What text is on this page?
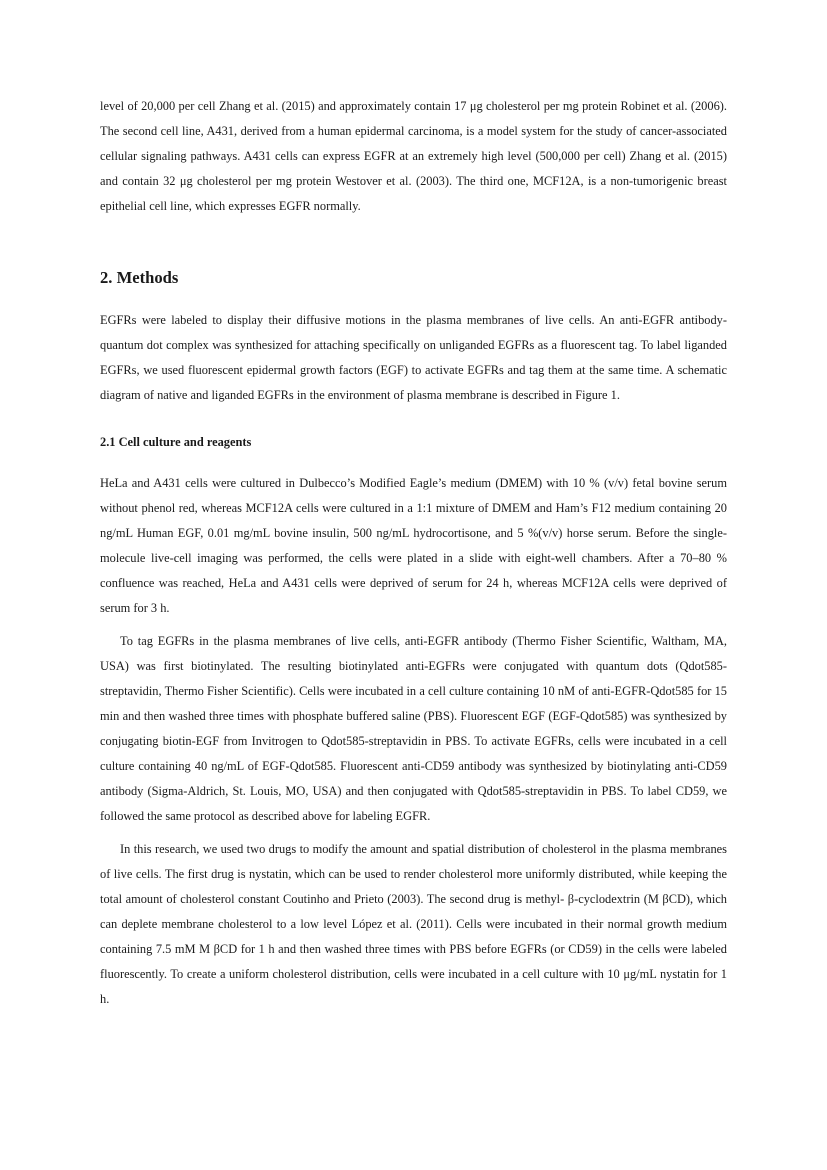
level of 20,000 per cell Zhang et al. (2015) and approximately contain 17 μg cholesterol per mg protein Robinet et al. (2006). The second cell line, A431, derived from a human epidermal carcinoma, is a model system for the study of cancer-associated cellular signaling pathways. A431 cells can express EGFR at an extremely high level (500,000 per cell) Zhang et al. (2015) and contain 32 μg cholesterol per mg protein Westover et al. (2003). The third one, MCF12A, is a non-tumorigenic breast epithelial cell line, which expresses EGFR normally.

2. Methods

EGFRs were labeled to display their diffusive motions in the plasma membranes of live cells. An anti-EGFR antibody-quantum dot complex was synthesized for attaching specifically on unliganded EGFRs as a fluorescent tag. To label liganded EGFRs, we used fluorescent epidermal growth factors (EGF) to activate EGFRs and tag them at the same time. A schematic diagram of native and liganded EGFRs in the environment of plasma membrane is described in Figure 1.

2.1 Cell culture and reagents

HeLa and A431 cells were cultured in Dulbecco’s Modified Eagle’s medium (DMEM) with 10 % (v/v) fetal bovine serum without phenol red, whereas MCF12A cells were cultured in a 1:1 mixture of DMEM and Ham’s F12 medium containing 20 ng/mL Human EGF, 0.01 mg/mL bovine insulin, 500 ng/mL hydrocortisone, and 5 %(v/v) horse serum. Before the single-molecule live-cell imaging was performed, the cells were plated in a slide with eight-well chambers. After a 70–80 % confluence was reached, HeLa and A431 cells were deprived of serum for 24 h, whereas MCF12A cells were deprived of serum for 3 h.

To tag EGFRs in the plasma membranes of live cells, anti-EGFR antibody (Thermo Fisher Scientific, Waltham, MA, USA) was first biotinylated. The resulting biotinylated anti-EGFRs were conjugated with quantum dots (Qdot585-streptavidin, Thermo Fisher Scientific). Cells were incubated in a cell culture containing 10 nM of anti-EGFR-Qdot585 for 15 min and then washed three times with phosphate buffered saline (PBS). Fluorescent EGF (EGF-Qdot585) was synthesized by conjugating biotin-EGF from Invitrogen to Qdot585-streptavidin in PBS. To activate EGFRs, cells were incubated in a cell culture containing 40 ng/mL of EGF-Qdot585. Fluorescent anti-CD59 antibody was synthesized by biotinylating anti-CD59 antibody (Sigma-Aldrich, St. Louis, MO, USA) and then conjugated with Qdot585-streptavidin in PBS. To label CD59, we followed the same protocol as described above for labeling EGFR.

In this research, we used two drugs to modify the amount and spatial distribution of cholesterol in the plasma membranes of live cells. The first drug is nystatin, which can be used to render cholesterol more uniformly distributed, while keeping the total amount of cholesterol constant Coutinho and Prieto (2003). The second drug is methyl- β-cyclodextrin (M βCD), which can deplete membrane cholesterol to a low level López et al. (2011). Cells were incubated in their normal growth medium containing 7.5 mM M βCD for 1 h and then washed three times with PBS before EGFRs (or CD59) in the cells were labeled fluorescently. To create a uniform cholesterol distribution, cells were incubated in a cell culture with 10 μg/mL nystatin for 1 h.
